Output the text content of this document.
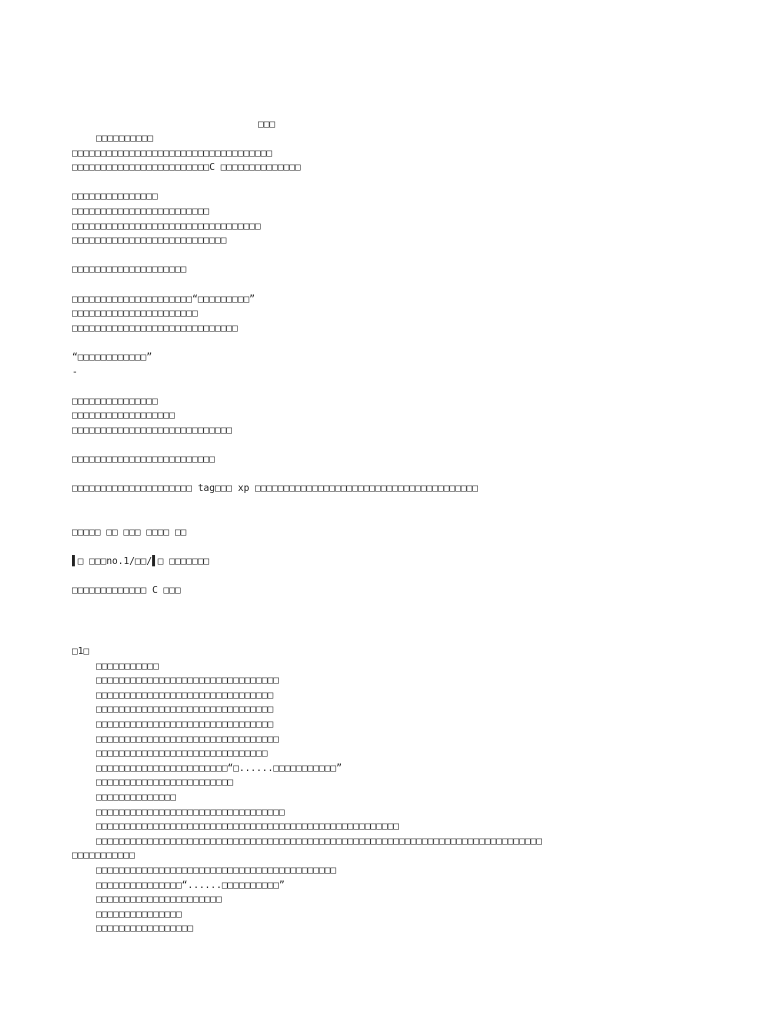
□□□
□□□□□□□□□□
□□□□□□□□□□□□□□□□□□□□□□□□□□□□□□□□□□□
□□□□□□□□□□□□□□□□□□□□□□□□C □□□□□□□□□□□□□□
□□□□□□□□□□□□□□□
□□□□□□□□□□□□□□□□□□□□□□□□
□□□□□□□□□□□□□□□□□□□□□□□□□□□□□□□□□
□□□□□□□□□□□□□□□□□□□□□□□□□□□
□□□□□□□□□□□□□□□□□□□□
□□□□□□□□□□□□□□□□□□□□□“□□□□□□□□□”
□□□□□□□□□□□□□□□□□□□□□□
□□□□□□□□□□□□□□□□□□□□□□□□□□□□□
“□□□□□□□□□□□□”
-
□□□□□□□□□□□□□□□
□□□□□□□□□□□□□□□□□□
□□□□□□□□□□□□□□□□□□□□□□□□□□□□
□□□□□□□□□□□□□□□□□□□□□□□□□
□□□□□□□□□□□□□□□□□□□□□ tag□□□ xp □□□□□□□□□□□□□□□□□□□□□□□□□□□□□□□□□□□□□□□
□□□□□ □□ □□□ □□□□ □□
▌□ □□□no.1/□□/▌□ □□□□□□□
□□□□□□□□□□□□□ C □□□
□1□
□□□□□□□□□□□
□□□□□□□□□□□□□□□□□□□□□□□□□□□□□□□□
□□□□□□□□□□□□□□□□□□□□□□□□□□□□□□□
□□□□□□□□□□□□□□□□□□□□□□□□□□□□□□□
□□□□□□□□□□□□□□□□□□□□□□□□□□□□□□□
□□□□□□□□□□□□□□□□□□□□□□□□□□□□□□□□
□□□□□□□□□□□□□□□□□□□□□□□□□□□□□□
□□□□□□□□□□□□□□□□□□□□□□□“□......□□□□□□□□□□□”
□□□□□□□□□□□□□□□□□□□□□□□□
□□□□□□□□□□□□□□
□□□□□□□□□□□□□□□□□□□□□□□□□□□□□□□□□
□□□□□□□□□□□□□□□□□□□□□□□□□□□□□□□□□□□□□□□□□□□□□□□□□□□□□
□□□□□□□□□□□□□□□□□□□□□□□□□□□□□□□□□□□□□□□□□□□□□□□□□□□□□□□□□□□□□□□□□□□□□□□□□□□□□□
□□□□□□□□□□□
□□□□□□□□□□□□□□□□□□□□□□□□□□□□□□□□□□□□□□□□□□
□□□□□□□□□□□□□□□“......□□□□□□□□□□”
□□□□□□□□□□□□□□□□□□□□□□
□□□□□□□□□□□□□□□
□□□□□□□□□□□□□□□□□
